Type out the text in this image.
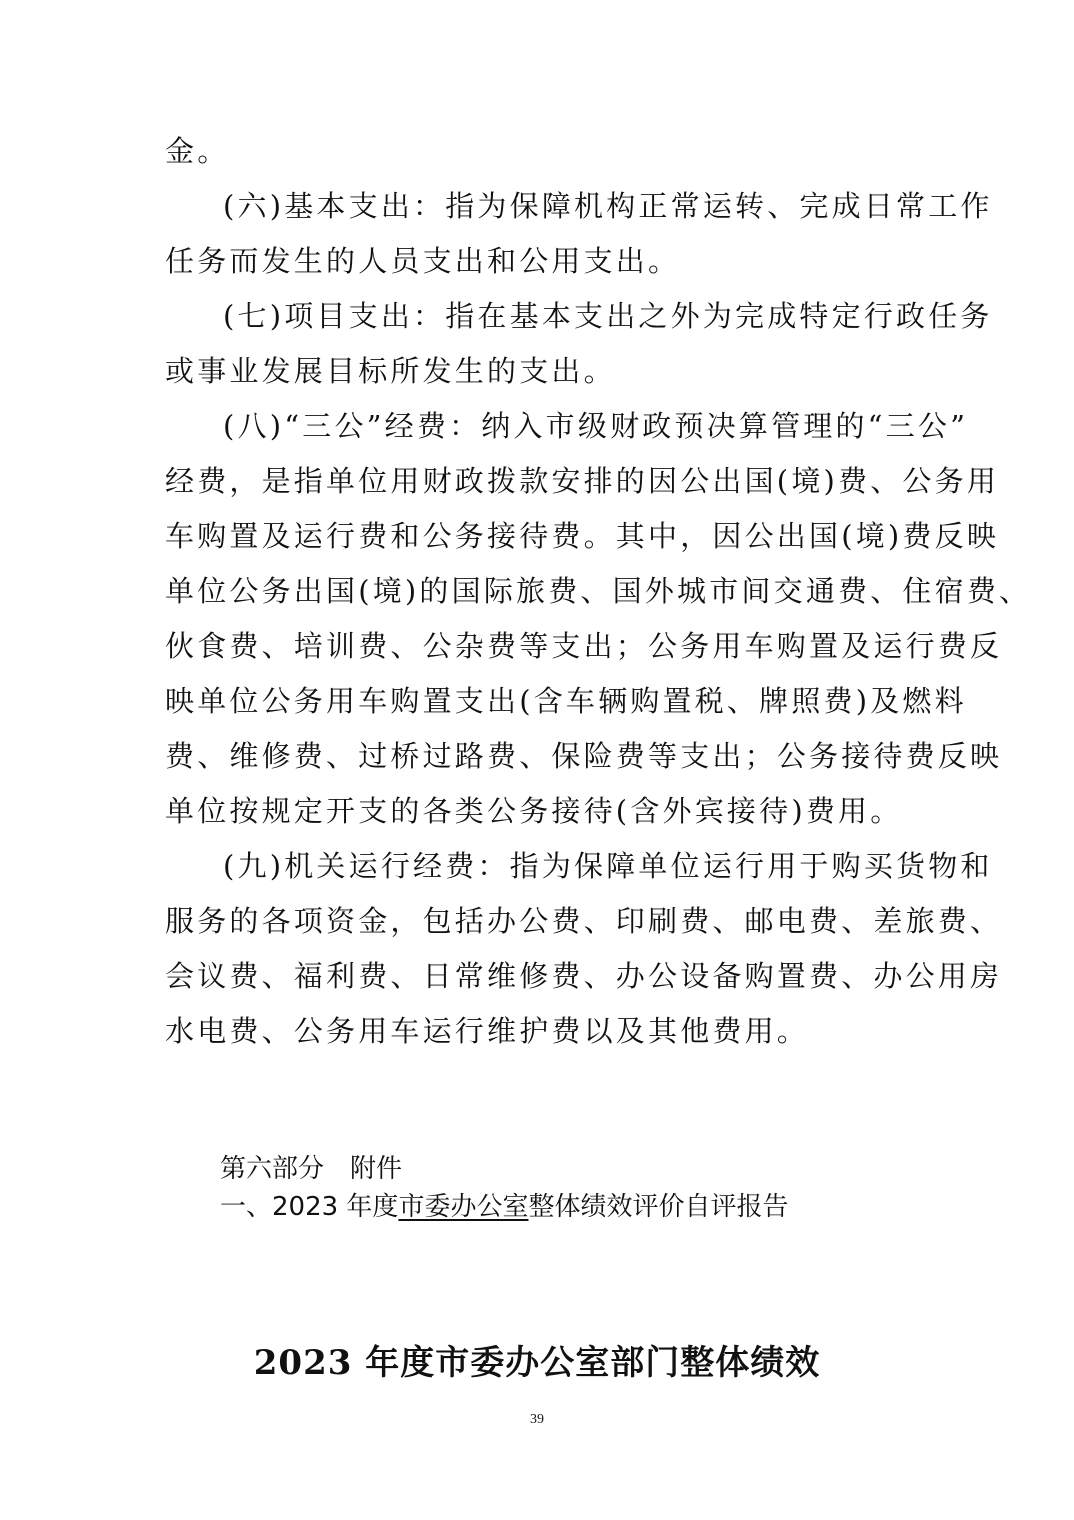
金。
(六)基本支出：指为保障机构正常运转、完成日常工作
任务而发生的人员支出和公用支出。
(七)项目支出：指在基本支出之外为完成特定行政任务
或事业发展目标所发生的支出。
(八)“三公”经费：纳入市级财政预决算管理的“三公”
经费，是指单位用财政拨款安排的因公出国(境)费、公务用
车购置及运行费和公务接待费。其中，因公出国(境)费反映
单位公务出国(境)的国际旅费、国外城市间交通费、住宿费、
伙食费、培训费、公杂费等支出；公务用车购置及运行费反
映单位公务用车购置支出(含车辆购置税、牌照费)及燃料
费、维修费、过桥过路费、保险费等支出；公务接待费反映
单位按规定开支的各类公务接待(含外宾接待)费用。
(九)机关运行经费：指为保障单位运行用于购买货物和
服务的各项资金，包括办公费、印刷费、邮电费、差旅费、
会议费、福利费、日常维修费、办公设备购置费、办公用房
水电费、公务用车运行维护费以及其他费用。
第六部分 附件
一、2023 年度市委办公室整体绩效评价自评报告
2023 年度市委办公室部门整体绩效
39
